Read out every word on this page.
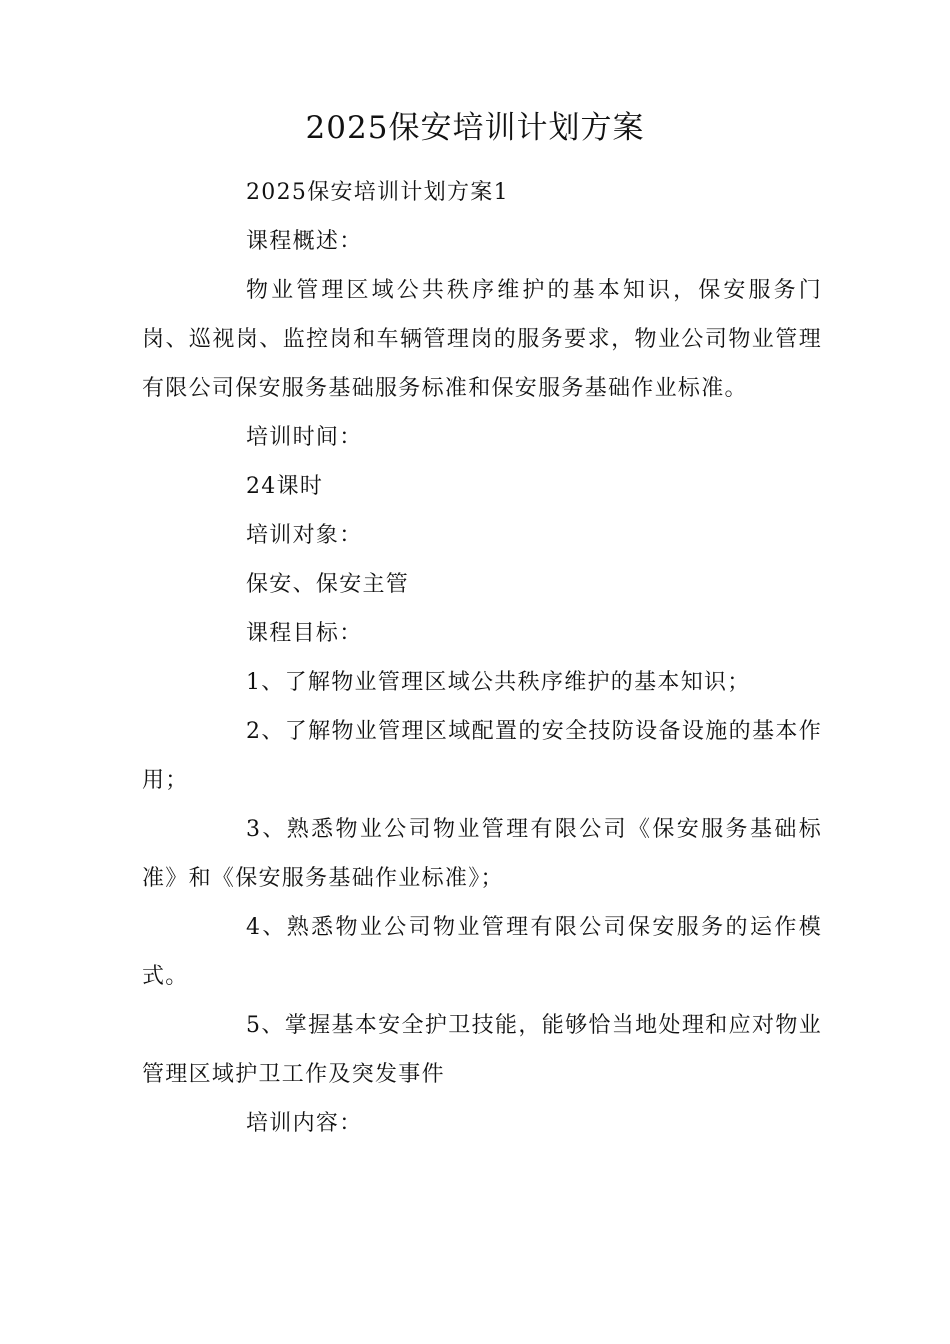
2025保安培训计划方案

2025保安培训计划方案1

课程概述：

物业管理区域公共秩序维护的基本知识，保安服务门岗、巡视岗、监控岗和车辆管理岗的服务要求，物业公司物业管理有限公司保安服务基础服务标准和保安服务基础作业标准。

培训时间：

24课时

培训对象：

保安、保安主管

课程目标：

1、了解物业管理区域公共秩序维护的基本知识；

2、了解物业管理区域配置的安全技防设备设施的基本作用；

3、熟悉物业公司物业管理有限公司《保安服务基础标准》和《保安服务基础作业标准》；

4、熟悉物业公司物业管理有限公司保安服务的运作模式。

5、掌握基本安全护卫技能，能够恰当地处理和应对物业管理区域护卫工作及突发事件

培训内容：
